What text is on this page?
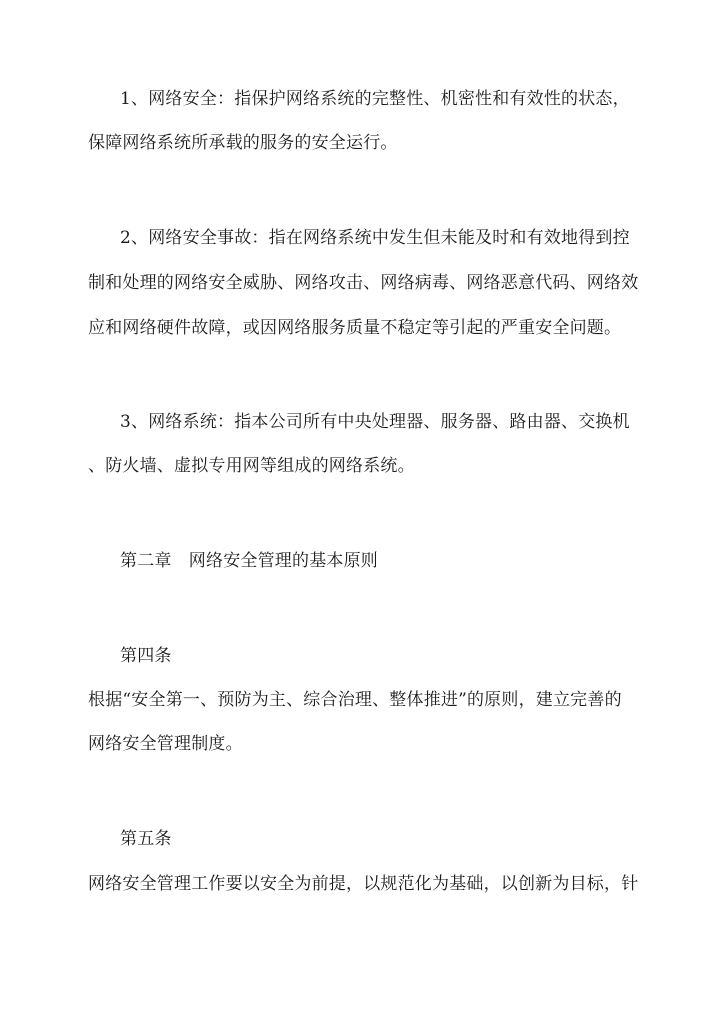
1、网络安全：指保护网络系统的完整性、机密性和有效性的状态，
保障网络系统所承载的服务的安全运行。
2、网络安全事故：指在网络系统中发生但未能及时和有效地得到控
制和处理的网络安全威胁、网络攻击、网络病毒、网络恶意代码、网络效
应和网络硬件故障，或因网络服务质量不稳定等引起的严重安全问题。
3、网络系统：指本公司所有中央处理器、服务器、路由器、交换机
、防火墙、虚拟专用网等组成的网络系统。
第二章　网络安全管理的基本原则
第四条
根据“安全第一、预防为主、综合治理、整体推进”的原则，建立完善的
网络安全管理制度。
第五条
网络安全管理工作要以安全为前提，以规范化为基础，以创新为目标，针
